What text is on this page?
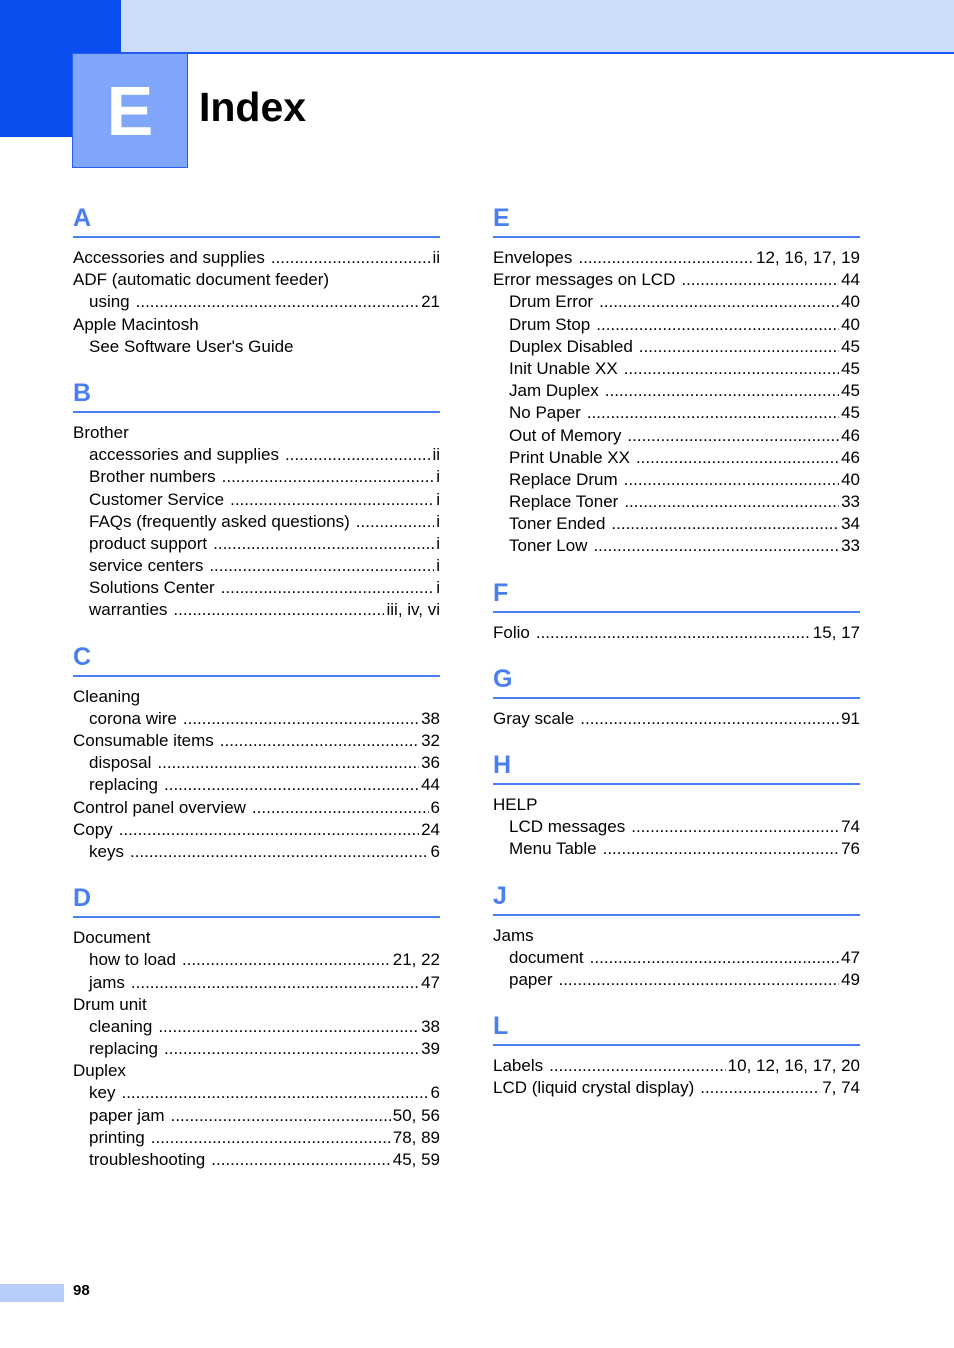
E	Index
A
Accessories and supplies .....	ii
ADF (automatic document feeder)
using .....	21
Apple Macintosh
See Software User's Guide
B
Brother
accessories and supplies .....	ii
Brother numbers .....	i
Customer Service .....	i
FAQs (frequently asked questions) .....	i
product support .....	i
service centers .....	i
Solutions Center .....	i
warranties .....	iii, iv, vi
C
Cleaning
corona wire .....	38
Consumable items .....	32
disposal .....	36
replacing .....	44
Control panel overview .....	6
Copy .....	24
keys .....	6
D
Document
how to load .....	21, 22
jams .....	47
Drum unit
cleaning .....	38
replacing .....	39
Duplex
key .....	6
paper jam .....	50, 56
printing .....	78, 89
troubleshooting .....	45, 59
E
Envelopes .....	12, 16, 17, 19
Error messages on LCD .....	44
Drum Error .....	40
Drum Stop .....	40
Duplex Disabled .....	45
Init Unable XX .....	45
Jam Duplex .....	45
No Paper .....	45
Out of Memory .....	46
Print Unable XX .....	46
Replace Drum .....	40
Replace Toner .....	33
Toner Ended .....	34
Toner Low .....	33
F
Folio .....	15, 17
G
Gray scale .....	91
H
HELP
LCD messages .....	74
Menu Table .....	76
J
Jams
document .....	47
paper .....	49
L
Labels .....	10, 12, 16, 17, 20
LCD (liquid crystal display) .....	7, 74
98
